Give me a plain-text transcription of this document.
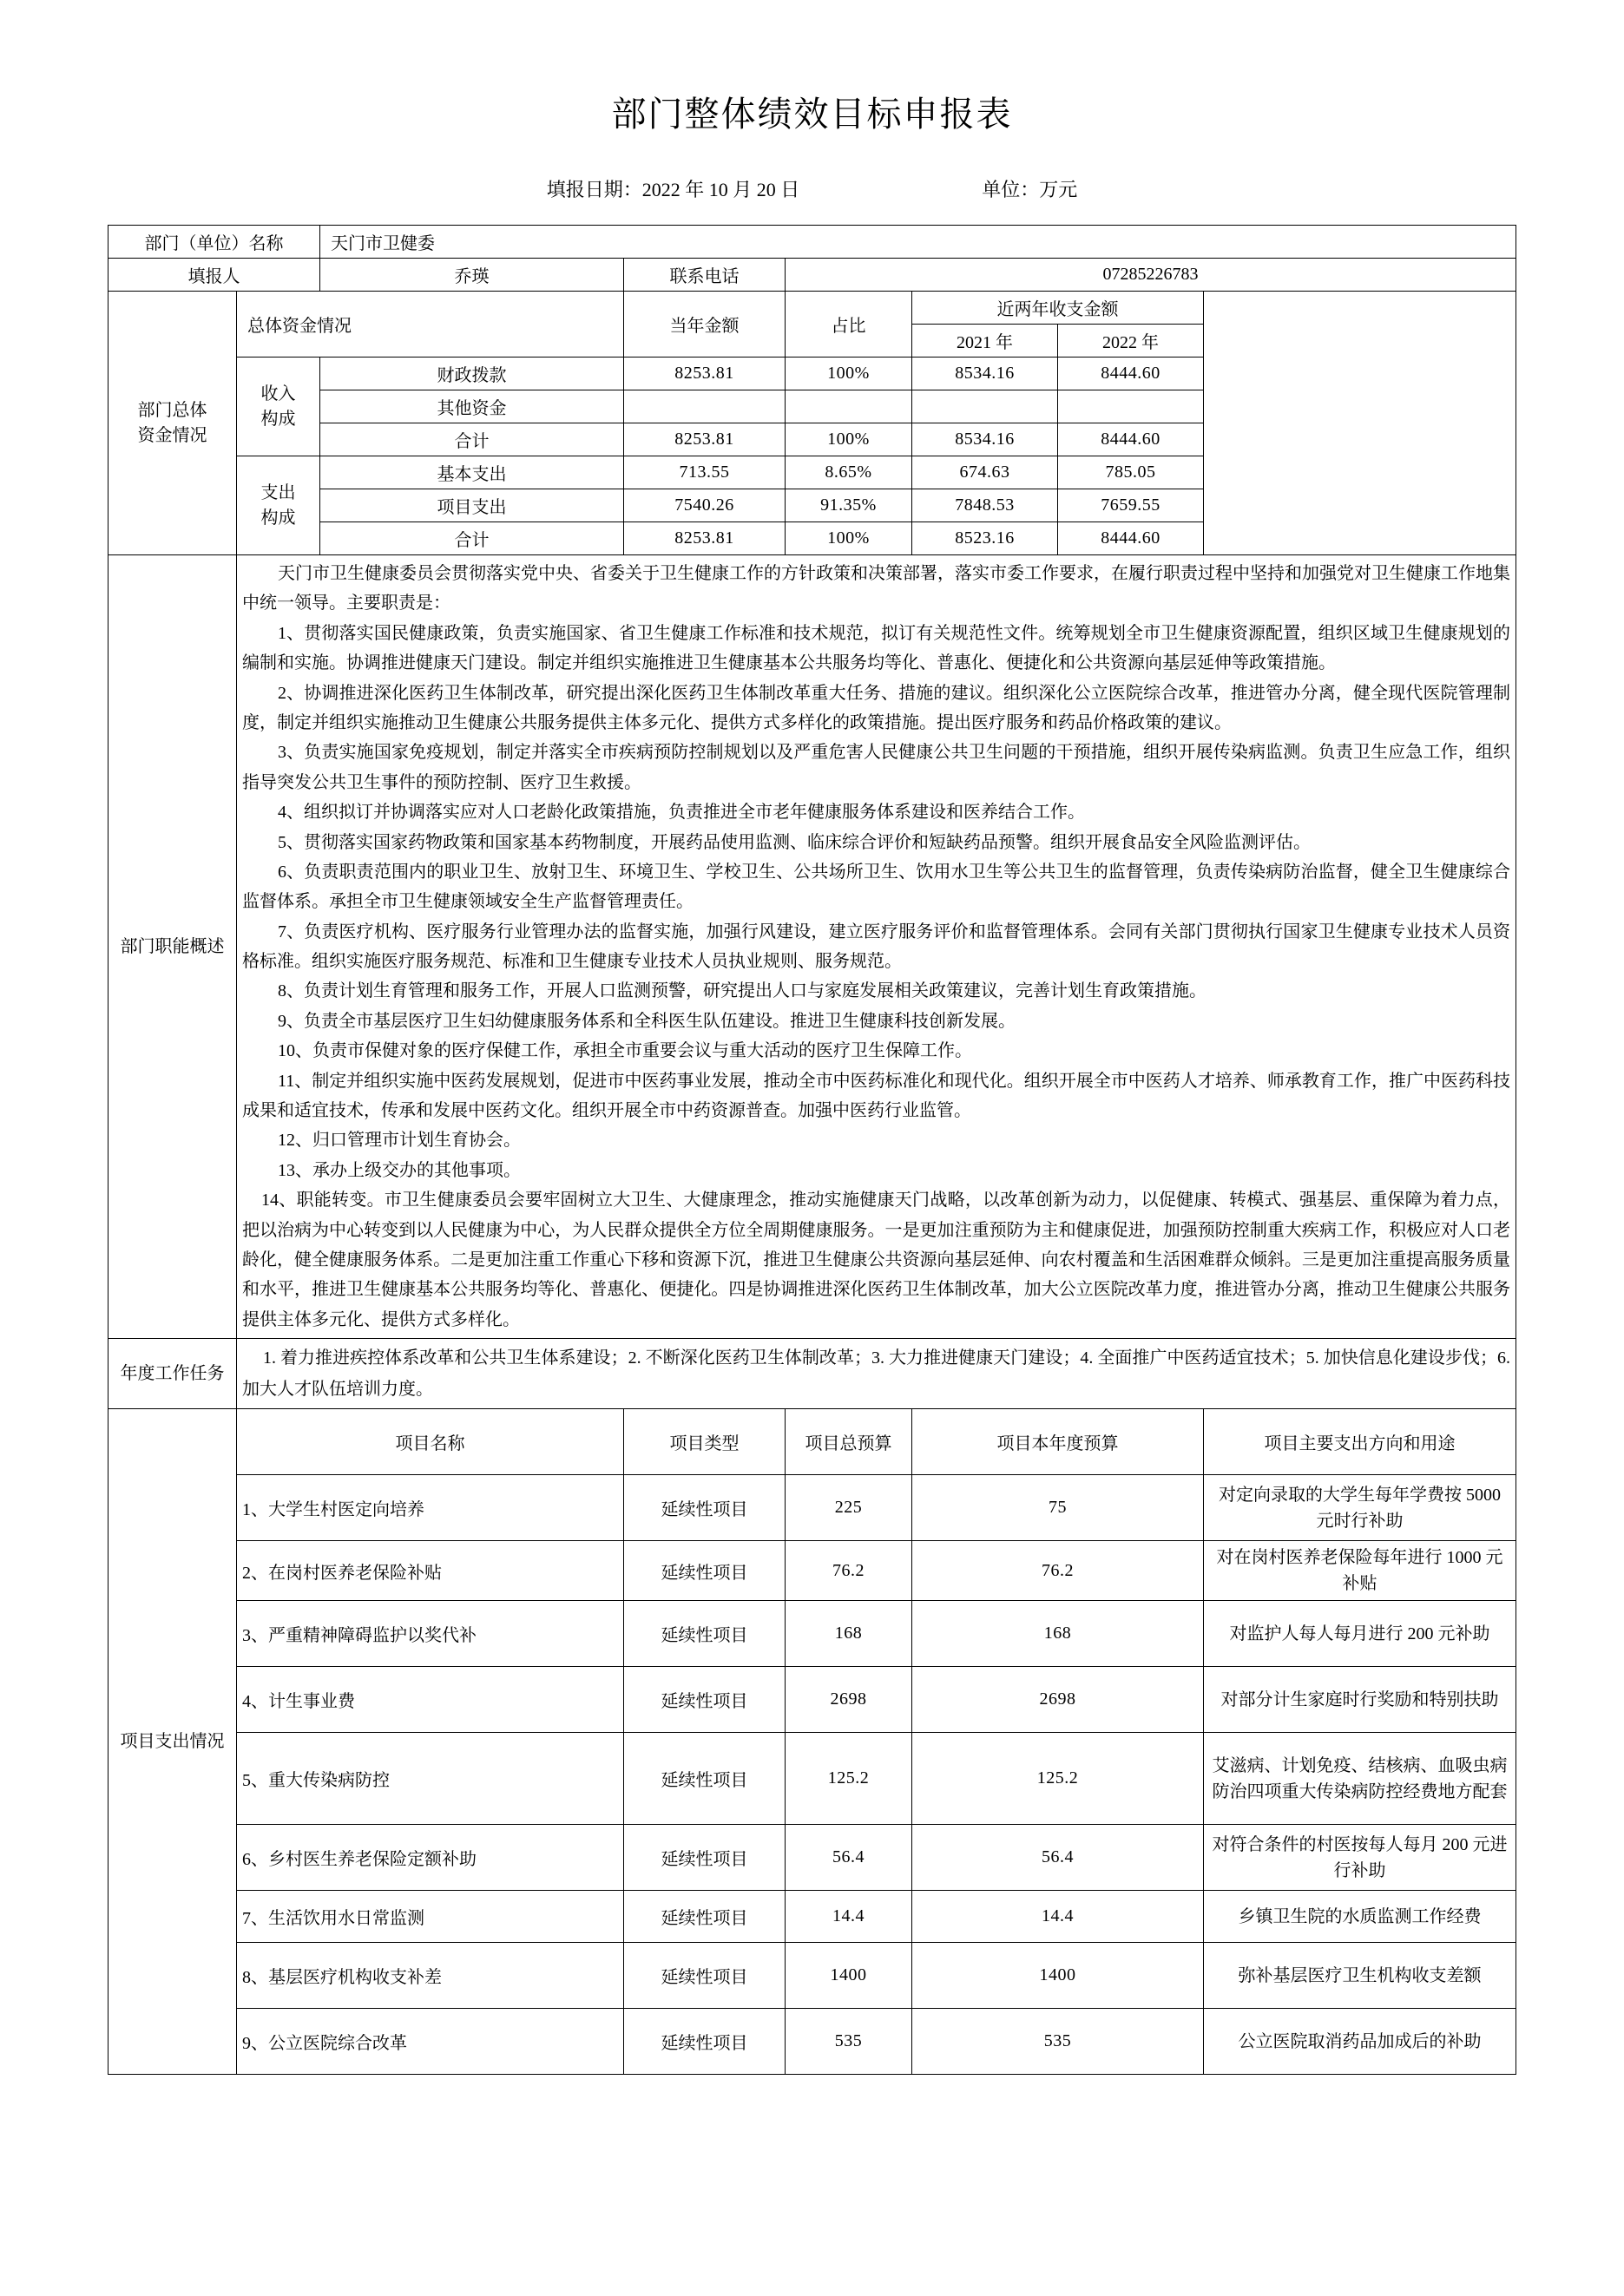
部门整体绩效目标申报表
填报日期：2022 年 10 月 20 日	单位：万元
部门（单位）名称		天门市卫健委					
填报人		乔瑛	联系电话	07285226783			

部门总体
资金情况	总体资金情况		当年金额	占比	近两年收支金额		
					2021 年	2022 年	

	收入
构成	财政拨款	8253.81	100%	8534.16	8444.60	
		其他资金					
		合计	8253.81	100%	8534.16	8444.60	

	支出
构成	基本支出	713.55	8.65%	674.63	785.05	
		项目支出	7540.26	91.35%	7848.53	7659.55	
		合计	8253.81	100%	8523.16	8444.60	
部门职能概述	

天门市卫生健康委员会贯彻落实党中央、省委关于卫生健康工作的方针政策和决策部署，落实市委工作要求，在履行职责过程中坚持和加强党对卫生健康工作地集中统一领导。主要职责是：

1、贯彻落实国民健康政策，负责实施国家、省卫生健康工作标准和技术规范，拟订有关规范性文件。统筹规划全市卫生健康资源配置，组织区域卫生健康规划的编制和实施。协调推进健康天门建设。制定并组织实施推进卫生健康基本公共服务均等化、普惠化、便捷化和公共资源向基层延伸等政策措施。

2、协调推进深化医药卫生体制改革，研究提出深化医药卫生体制改革重大任务、措施的建议。组织深化公立医院综合改革，推进管办分离，健全现代医院管理制度，制定并组织实施推动卫生健康公共服务提供主体多元化、提供方式多样化的政策措施。提出医疗服务和药品价格政策的建议。

3、负责实施国家免疫规划，制定并落实全市疾病预防控制规划以及严重危害人民健康公共卫生问题的干预措施，组织开展传染病监测。负责卫生应急工作，组织指导突发公共卫生事件的预防控制、医疗卫生救援。

4、组织拟订并协调落实应对人口老龄化政策措施，负责推进全市老年健康服务体系建设和医养结合工作。

5、贯彻落实国家药物政策和国家基本药物制度，开展药品使用监测、临床综合评价和短缺药品预警。组织开展食品安全风险监测评估。

6、负责职责范围内的职业卫生、放射卫生、环境卫生、学校卫生、公共场所卫生、饮用水卫生等公共卫生的监督管理，负责传染病防治监督，健全卫生健康综合监督体系。承担全市卫生健康领域安全生产监督管理责任。

7、负责医疗机构、医疗服务行业管理办法的监督实施，加强行风建设，建立医疗服务评价和监督管理体系。会同有关部门贯彻执行国家卫生健康专业技术人员资格标准。组织实施医疗服务规范、标准和卫生健康专业技术人员执业规则、服务规范。

8、负责计划生育管理和服务工作，开展人口监测预警，研究提出人口与家庭发展相关政策建议，完善计划生育政策措施。

9、负责全市基层医疗卫生妇幼健康服务体系和全科医生队伍建设。推进卫生健康科技创新发展。

10、负责市保健对象的医疗保健工作，承担全市重要会议与重大活动的医疗卫生保障工作。

11、制定并组织实施中医药发展规划，促进市中医药事业发展，推动全市中医药标准化和现代化。组织开展全市中医药人才培养、师承教育工作，推广中医药科技成果和适宜技术，传承和发展中医药文化。组织开展全市中药资源普查。加强中医药行业监管。

12、归口管理市计划生育协会。

13、承办上级交办的其他事项。

14、职能转变。市卫生健康委员会要牢固树立大卫生、大健康理念，推动实施健康天门战略，以改革创新为动力，以促健康、转模式、强基层、重保障为着力点，把以治病为中心转变到以人民健康为中心，为人民群众提供全方位全周期健康服务。一是更加注重预防为主和健康促进，加强预防控制重大疾病工作，积极应对人口老龄化，健全健康服务体系。二是更加注重工作重心下移和资源下沉，推进卫生健康公共资源向基层延伸、向农村覆盖和生活困难群众倾斜。三是更加注重提高服务质量和水平，推进卫生健康基本公共服务均等化、普惠化、便捷化。四是协调推进深化医药卫生体制改革，加大公立医院改革力度，推进管办分离，推动卫生健康公共服务提供主体多元化、提供方式多样化。

年度工作任务	1. 着力推进疾控体系改革和公共卫生体系建设；2. 不断深化医药卫生体制改革；3. 大力推进健康天门建设；4. 全面推广中医药适宜技术；5. 加快信息化建设步伐；6. 加大人才队伍培训力度。						

项目支出情况	项目名称		项目类型	项目总预算	项目本年度预算		项目主要支出方向和用途
	1、大学生村医定向培养		延续性项目	225	75		对定向录取的大学生每年学费按 5000 元时行补助
	2、在岗村医养老保险补贴		延续性项目	76.2	76.2		对在岗村医养老保险每年进行 1000 元补贴
	3、严重精神障碍监护以奖代补		延续性项目	168	168		对监护人每人每月进行 200 元补助
	4、计生事业费		延续性项目	2698	2698		对部分计生家庭时行奖励和特别扶助
	5、重大传染病防控		延续性项目	125.2	125.2		艾滋病、计划免疫、结核病、血吸虫病防治四项重大传染病防控经费地方配套
	6、乡村医生养老保险定额补助		延续性项目	56.4	56.4		对符合条件的村医按每人每月 200 元进行补助
	7、生活饮用水日常监测		延续性项目	14.4	14.4		乡镇卫生院的水质监测工作经费
	8、基层医疗机构收支补差		延续性项目	1400	1400		弥补基层医疗卫生机构收支差额
	9、公立医院综合改革		延续性项目	535	535		公立医院取消药品加成后的补助
